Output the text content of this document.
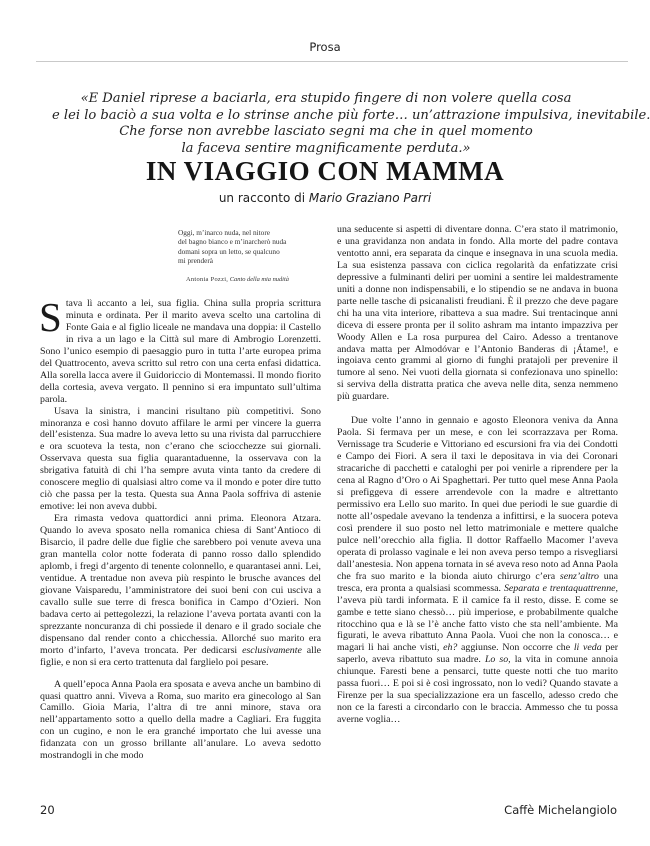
Prosa
«E Daniel riprese a baciarla, era stupido fingere di non volere quella cosa
e lei lo baciò a sua volta e lo strinse anche più forte… un’attrazione impulsiva, inevitabile.
Che forse non avrebbe lasciato segni ma che in quel momento
la faceva sentire magnificamente perduta.»
IN VIAGGIO CON MAMMA
un racconto di Mario Graziano Parri
Oggi, m’inarco nuda, nel nitore
del bagno bianco e m’inarcherò nuda
domani sopra un letto, se qualcuno
mi prenderà
Antonia Pozzi, Canto della mia nudità

Stava lì accanto a lei, sua figlia. China sulla propria scrittura minuta e ordinata. Per il marito aveva scelto una cartolina di Fonte Gaia e al figlio liceale ne mandava una doppia: il Castello in riva a un lago e la Città sul mare di Ambrogio Lorenzetti. Sono l’unico esempio di paesaggio puro in tutta l’arte europea prima del Quattrocento, aveva scritto sul retro con una certa enfasi didattica. Alla sorella lacca avere il Guidoriccio di Montemassi. Il mondo fiorito della cortesia, aveva vergato. Il pennino si era impuntato sull’ultima parola.

Usava la sinistra, i mancini risultano più competitivi. Sono minoranza e così hanno dovuto affilare le armi per vincere la guerra dell’esistenza. Sua madre lo aveva letto su una rivista dal parrucchiere e ora scuoteva la testa, non c’erano che sciocchezze sui giornali. Osservava questa sua figlia quarantaduenne, la osservava con la sbrigativa fatuità di chi l’ha sempre avuta vinta tanto da credere di conoscere meglio di qualsiasi altro come va il mondo e poter dire tutto ciò che passa per la testa. Questa sua Anna Paola soffriva di astenie emotive: lei non aveva dubbi.

Era rimasta vedova quattordici anni prima. Eleonora Atzara. Quando lo aveva sposato nella romanica chiesa di Sant’Antioco di Bisarcio, il padre delle due figlie che sarebbero poi venute aveva una gran mantella color notte foderata di panno rosso dallo splendido aplomb, i fregi d’argento di tenente colonnello, e quarantasei anni. Lei, ventidue. A trentadue non aveva più respinto le brusche avances del giovane Vaisparedu, l’amministratore dei suoi beni con cui usciva a cavallo sulle sue terre di fresca bonifica in Campo d’Ozieri. Non badava certo ai pettegolezzi, la relazione l’aveva portata avanti con la sprezzante noncuranza di chi possiede il denaro e il grado sociale che dispensano dal render conto a chicchessia. Allorché suo marito era morto d’infarto, l’aveva troncata. Per dedicarsi esclusivamente alle figlie, e non si era certo trattenuta dal farglielo poi pesare.

A quell’epoca Anna Paola era sposata e aveva anche un bambino di quasi quattro anni. Viveva a Roma, suo marito era ginecologo al San Camillo. Gioia Maria, l’altra di tre anni minore, stava ora nell’appartamento sotto a quello della madre a Cagliari. Era fuggita con un cugino, e non le era granché importato che lui avesse una fidanzata con un grosso brillante all’anulare. Lo aveva sedotto mostrandogli in che modo

una seducente si aspetti di diventare donna. C’era stato il matrimonio, e una gravidanza non andata in fondo. Alla morte del padre contava ventotto anni, era separata da cinque e insegnava in una scuola media. La sua esistenza passava con ciclica regolarità da enfatizzate crisi depressive a fulminanti deliri per uomini a sentire lei maldestramente uniti a donne non indispensabili, e lo stipendio se ne andava in buona parte nelle tasche di psicanalisti freudiani. È il prezzo che deve pagare chi ha una vita interiore, ribatteva a sua madre. Sui trentacinque anni diceva di essere pronta per il solito ashram ma intanto impazziva per Woody Allen e La rosa purpurea del Cairo. Adesso a trentanove andava matta per Almodóvar e l’Antonio Banderas di ¡Átame!, e ingoiava cento grammi al giorno di funghi pratajoli per prevenire il tumore al seno. Nei vuoti della giornata si confezionava uno spinello: si serviva della distratta pratica che aveva nelle dita, senza nemmeno più guardare.

Due volte l’anno in gennaio e agosto Eleonora veniva da Anna Paola. Si fermava per un mese, e con lei scorrazzava per Roma. Vernissage tra Scuderie e Vittoriano ed escursioni fra via dei Condotti e Campo dei Fiori. A sera il taxi le depositava in via dei Coronari stracariche di pacchetti e cataloghi per poi venirle a riprendere per la cena al Ragno d’Oro o Ai Spaghettari. Per tutto quel mese Anna Paola si prefiggeva di essere arrendevole con la madre e altrettanto permissivo era Lello suo marito. In quei due periodi le sue guardie di notte all’ospedale avevano la tendenza a infittirsi, e la suocera poteva così prendere il suo posto nel letto matrimoniale e mettere qualche pulce nell’orecchio alla figlia. Il dottor Raffaello Macomer l’aveva operata di prolasso vaginale e lei non aveva perso tempo a risvegliarsi dall’anestesia. Non appena tornata in sé aveva reso noto ad Anna Paola che fra suo marito e la bionda aiuto chirurgo c’era senz’altro una tresca, era pronta a qualsiasi scommessa. Separata e trentaquattrenne, l’aveva più tardi informata. E il camice fa il resto, disse. E come se gambe e tette siano chessò… più imperiose, e probabilmente qualche ritocchino qua e là se l’è anche fatto visto che sta nell’ambiente. Ma figurati, le aveva ribattuto Anna Paola. Vuoi che non la conosca… e magari li hai anche visti, eh? aggiunse. Non occorre che li veda per saperlo, aveva ribattuto sua madre. Lo so, la vita in comune annoia chiunque. Faresti bene a pensarci, tutte queste notti che tuo marito passa fuori… E poi si è così ingrossato, non lo vedi? Quando stavate a Firenze per la sua specializzazione era un fascello, adesso credo che non ce la faresti a circondarlo con le braccia. Ammesso che tu possa averne voglia…

20	Caffè Michelangiolo
